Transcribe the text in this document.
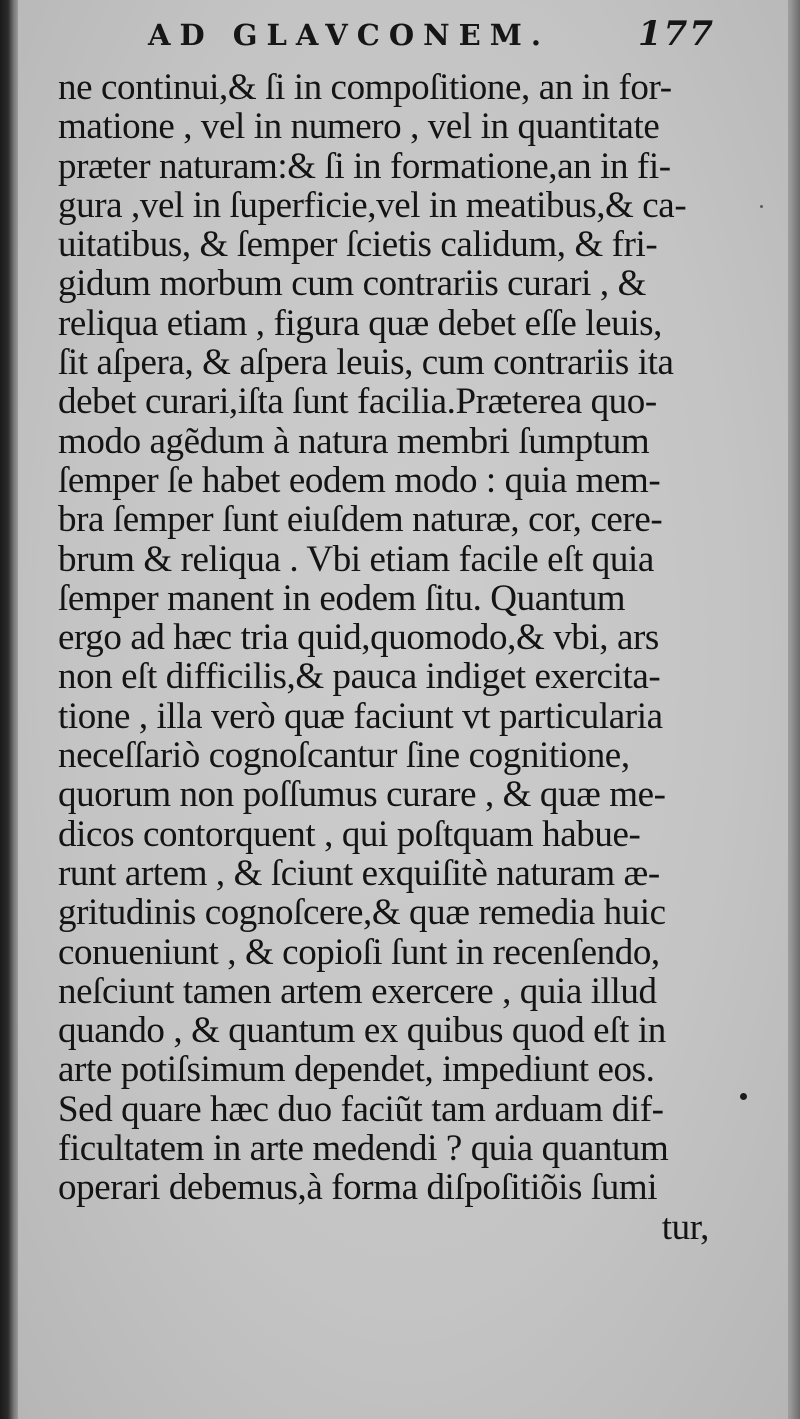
AD GLAVCONEM.	177
ne continui,& ſi in compoſitione, an in for-
matione , vel in numero , vel in quantitate
præter naturam:& ſi in formatione,an in fi-
gura ,vel in ſuperficie,vel in meatibus,& ca-
uitatibus, & ſemper ſcietis calidum, & fri-
gidum morbum cum contrariis curari , &
reliqua etiam , figura quæ debet eſſe leuis,
ſit aſpera, & aſpera leuis, cum contrariis ita
debet curari,iſta ſunt facilia.Præterea quo-
modo agẽdum à natura membri ſumptum
ſemper ſe habet eodem modo : quia mem-
bra ſemper ſunt eiuſdem naturæ, cor, cere-
brum & reliqua . Vbi etiam facile eſt quia
ſemper manent in eodem ſitu. Quantum
ergo ad hæc tria quid,quomodo,& vbi, ars
non eſt difficilis,& pauca indiget exercita-
tione , illa verò quæ faciunt vt particularia
neceſſariò cognoſcantur ſine cognitione,
quorum non poſſumus curare , & quæ me-
dicos contorquent , qui poſtquam habue-
runt artem , & ſciunt exquiſitè naturam æ-
gritudinis cognoſcere,& quæ remedia huic
conueniunt , & copioſi ſunt in recenſendo,
neſciunt tamen artem exercere , quia illud
quando , & quantum ex quibus quod eſt in
arte potiſsimum dependet, impediunt eos.
Sed quare hæc duo faciũt tam arduam dif-
ficultatem in arte medendi ? quia quantum
operari debemus,à forma diſpoſitiõis ſumi
tur,
